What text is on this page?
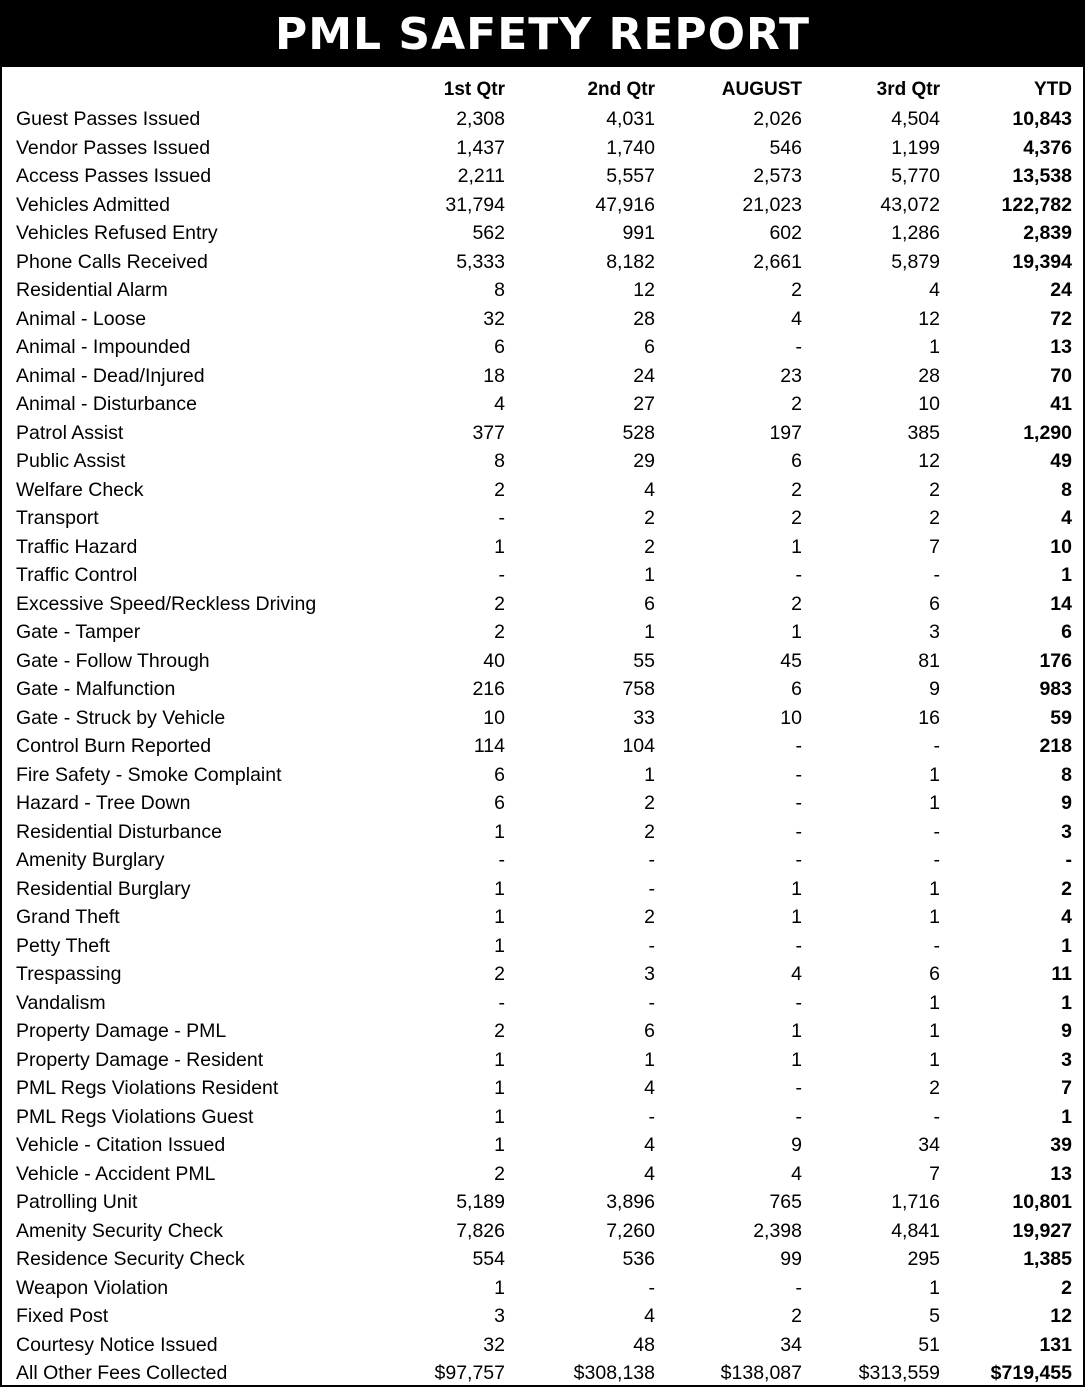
PML SAFETY REPORT
	1st Qtr	2nd Qtr	AUGUST	3rd Qtr	YTD
Guest Passes Issued	2,308	4,031	2,026	4,504	10,843
Vendor Passes Issued	1,437	1,740	546	1,199	4,376
Access Passes Issued	2,211	5,557	2,573	5,770	13,538
Vehicles Admitted	31,794	47,916	21,023	43,072	122,782
Vehicles Refused Entry	562	991	602	1,286	2,839
Phone Calls Received	5,333	8,182	2,661	5,879	19,394
Residential Alarm	8	12	2	4	24
Animal - Loose	32	28	4	12	72
Animal - Impounded	6	6	-	1	13
Animal - Dead/Injured	18	24	23	28	70
Animal - Disturbance	4	27	2	10	41
Patrol Assist	377	528	197	385	1,290
Public Assist	8	29	6	12	49
Welfare Check	2	4	2	2	8
Transport	-	2	2	2	4
Traffic Hazard	1	2	1	7	10
Traffic Control	-	1	-	-	1
Excessive Speed/Reckless Driving	2	6	2	6	14
Gate - Tamper	2	1	1	3	6
Gate - Follow Through	40	55	45	81	176
Gate - Malfunction	216	758	6	9	983
Gate - Struck by Vehicle	10	33	10	16	59
Control Burn Reported	114	104	-	-	218
Fire Safety - Smoke Complaint	6	1	-	1	8
Hazard - Tree Down	6	2	-	1	9
Residential Disturbance	1	2	-	-	3
Amenity Burglary	-	-	-	-	-
Residential Burglary	1	-	1	1	2
Grand Theft	1	2	1	1	4
Petty Theft	1	-	-	-	1
Trespassing	2	3	4	6	11
Vandalism	-	-	-	1	1
Property Damage - PML	2	6	1	1	9
Property Damage - Resident	1	1	1	1	3
PML Regs Violations Resident	1	4	-	2	7
PML Regs Violations Guest	1	-	-	-	1
Vehicle - Citation Issued	1	4	9	34	39
Vehicle - Accident PML	2	4	4	7	13
Patrolling Unit	5,189	3,896	765	1,716	10,801
Amenity Security Check	7,826	7,260	2,398	4,841	19,927
Residence Security Check	554	536	99	295	1,385
Weapon Violation	1	-	-	1	2
Fixed Post	3	4	2	5	12
Courtesy Notice Issued	32	48	34	51	131
All Other Fees Collected	$97,757	$308,138	$138,087	$313,559	$719,455
